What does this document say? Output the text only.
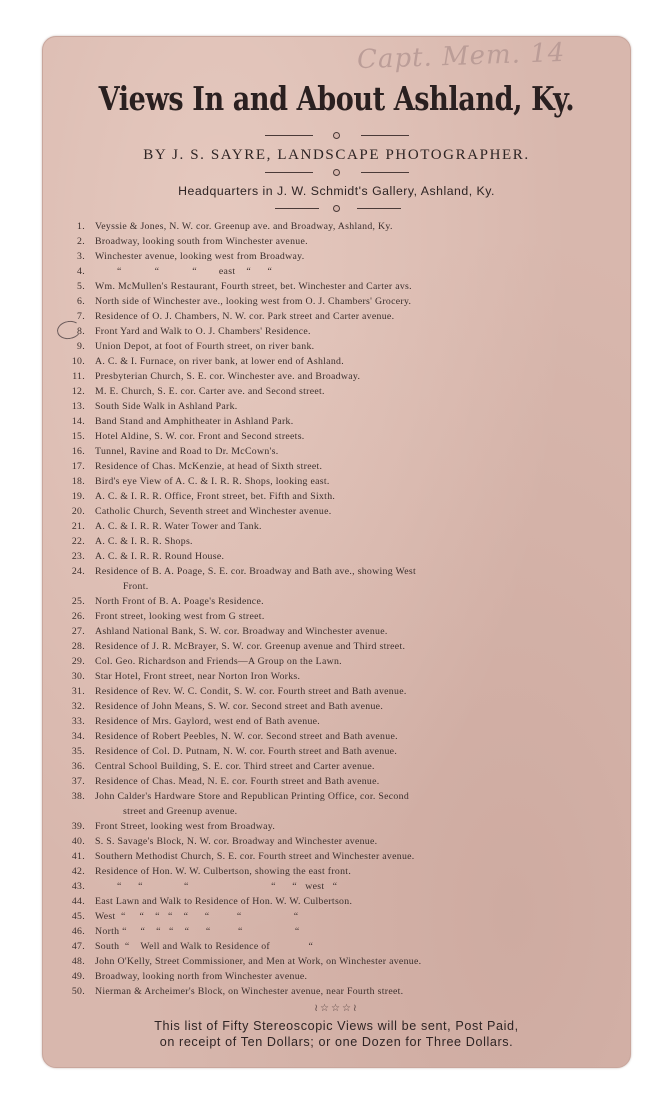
Capt. Mem. 14
Views In and About Ashland, Ky.
BY J. S. SAYRE, LANDSCAPE PHOTOGRAPHER.
Headquarters in J. W. Schmidt's Gallery, Ashland, Ky.
1. Veyssie & Jones, N. W. cor. Greenup ave. and Broadway, Ashland, Ky.
2. Broadway, looking south from Winchester avenue.
3. Winchester avenue, looking west from Broadway.
4. “            “            “        east    “      “
5. Wm. McMullen's Restaurant, Fourth street, bet. Winchester and Carter avs.
6. North side of Winchester ave., looking west from O. J. Chambers' Grocery.
7. Residence of O. J. Chambers, N. W. cor. Park street and Carter avenue.
8. Front Yard and Walk to O. J. Chambers' Residence.
9. Union Depot, at foot of Fourth street, on river bank.
10. A. C. & I. Furnace, on river bank, at lower end of Ashland.
11. Presbyterian Church, S. E. cor. Winchester ave. and Broadway.
12. M. E. Church, S. E. cor. Carter ave. and Second street.
13. South Side Walk in Ashland Park.
14. Band Stand and Amphitheater in Ashland Park.
15. Hotel Aldine, S. W. cor. Front and Second streets.
16. Tunnel, Ravine and Road to Dr. McCown's.
17. Residence of Chas. McKenzie, at head of Sixth street.
18. Bird's eye View of A. C. & I. R. R. Shops, looking east.
19. A. C. & I. R. R. Office, Front street, bet. Fifth and Sixth.
20. Catholic Church, Seventh street and Winchester avenue.
21. A. C. & I. R. R. Water Tower and Tank.
22. A. C. & I. R. R. Shops.
23. A. C. & I. R. R. Round House.
24. Residence of B. A. Poage, S. E. cor. Broadway and Bath ave., showing West
Front.
25. North Front of B. A. Poage's Residence.
26. Front street, looking west from G street.
27. Ashland National Bank, S. W. cor. Broadway and Winchester avenue.
28. Residence of J. R. McBrayer, S. W. cor. Greenup avenue and Third street.
29. Col. Geo. Richardson and Friends—A Group on the Lawn.
30. Star Hotel, Front street, near Norton Iron Works.
31. Residence of Rev. W. C. Condit, S. W. cor. Fourth street and Bath avenue.
32. Residence of John Means, S. W. cor. Second street and Bath avenue.
33. Residence of Mrs. Gaylord, west end of Bath avenue.
34. Residence of Robert Peebles, N. W. cor. Second street and Bath avenue.
35. Residence of Col. D. Putnam, N. W. cor. Fourth street and Bath avenue.
36. Central School Building, S. E. cor. Third street and Carter avenue.
37. Residence of Chas. Mead, N. E. cor. Fourth street and Bath avenue.
38. John Calder's Hardware Store and Republican Printing Office, cor. Second
street and Greenup avenue.
39. Front Street, looking west from Broadway.
40. S. S. Savage's Block, N. W. cor. Broadway and Winchester avenue.
41. Southern Methodist Church, S. E. cor. Fourth street and Winchester avenue.
42. Residence of Hon. W. W. Culbertson, showing the east front.
43. “      “               “                              “      “   west   “
44. East Lawn and Walk to Residence of Hon. W. W. Culbertson.
45. West  “     “    “   “    “      “          “                   “
46. North “     “    “   “    “      “          “                   “
47. South  “    Well and Walk to Residence of              “
48. John O'Kelly, Street Commissioner, and Men at Work, on Winchester avenue.
49. Broadway, looking north from Winchester avenue.
50. Nierman & Archeimer's Block, on Winchester avenue, near Fourth street.
≀☆☆☆≀
This list of Fifty Stereoscopic Views will be sent, Post Paid,
on receipt of Ten Dollars; or one Dozen for Three Dollars.
